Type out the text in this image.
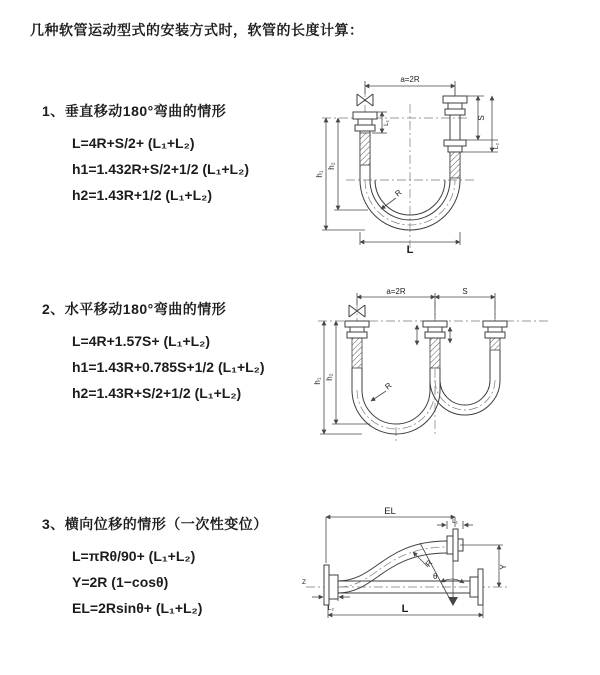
几种软管运动型式的安装方式时，软管的长度计算：
1、垂直移动180°弯曲的情形
L=4R+S/2+ (L₁+L₂)
h1=1.432R+S/2+1/2 (L₁+L₂)
h2=1.43R+1/2 (L₁+L₂)
2、水平移动180°弯曲的情形
L=4R+1.57S+ (L₁+L₂)
h1=1.43R+0.785S+1/2 (L₁+L₂)
h2=1.43R+S/2+1/2 (L₁+L₂)
3、横向位移的情形（一次性变位）
L=πRθ/90+ (L₁+L₂)
Y=2R (1−cosθ)
EL=2Rsinθ+ (L₁+L₂)
a=2R
S
L₂
L₁
h₁
h₂
L
R
a=2R	S
h₁
h₂
R
Z
θ
EL
L₁
Y
L
L₂
R
